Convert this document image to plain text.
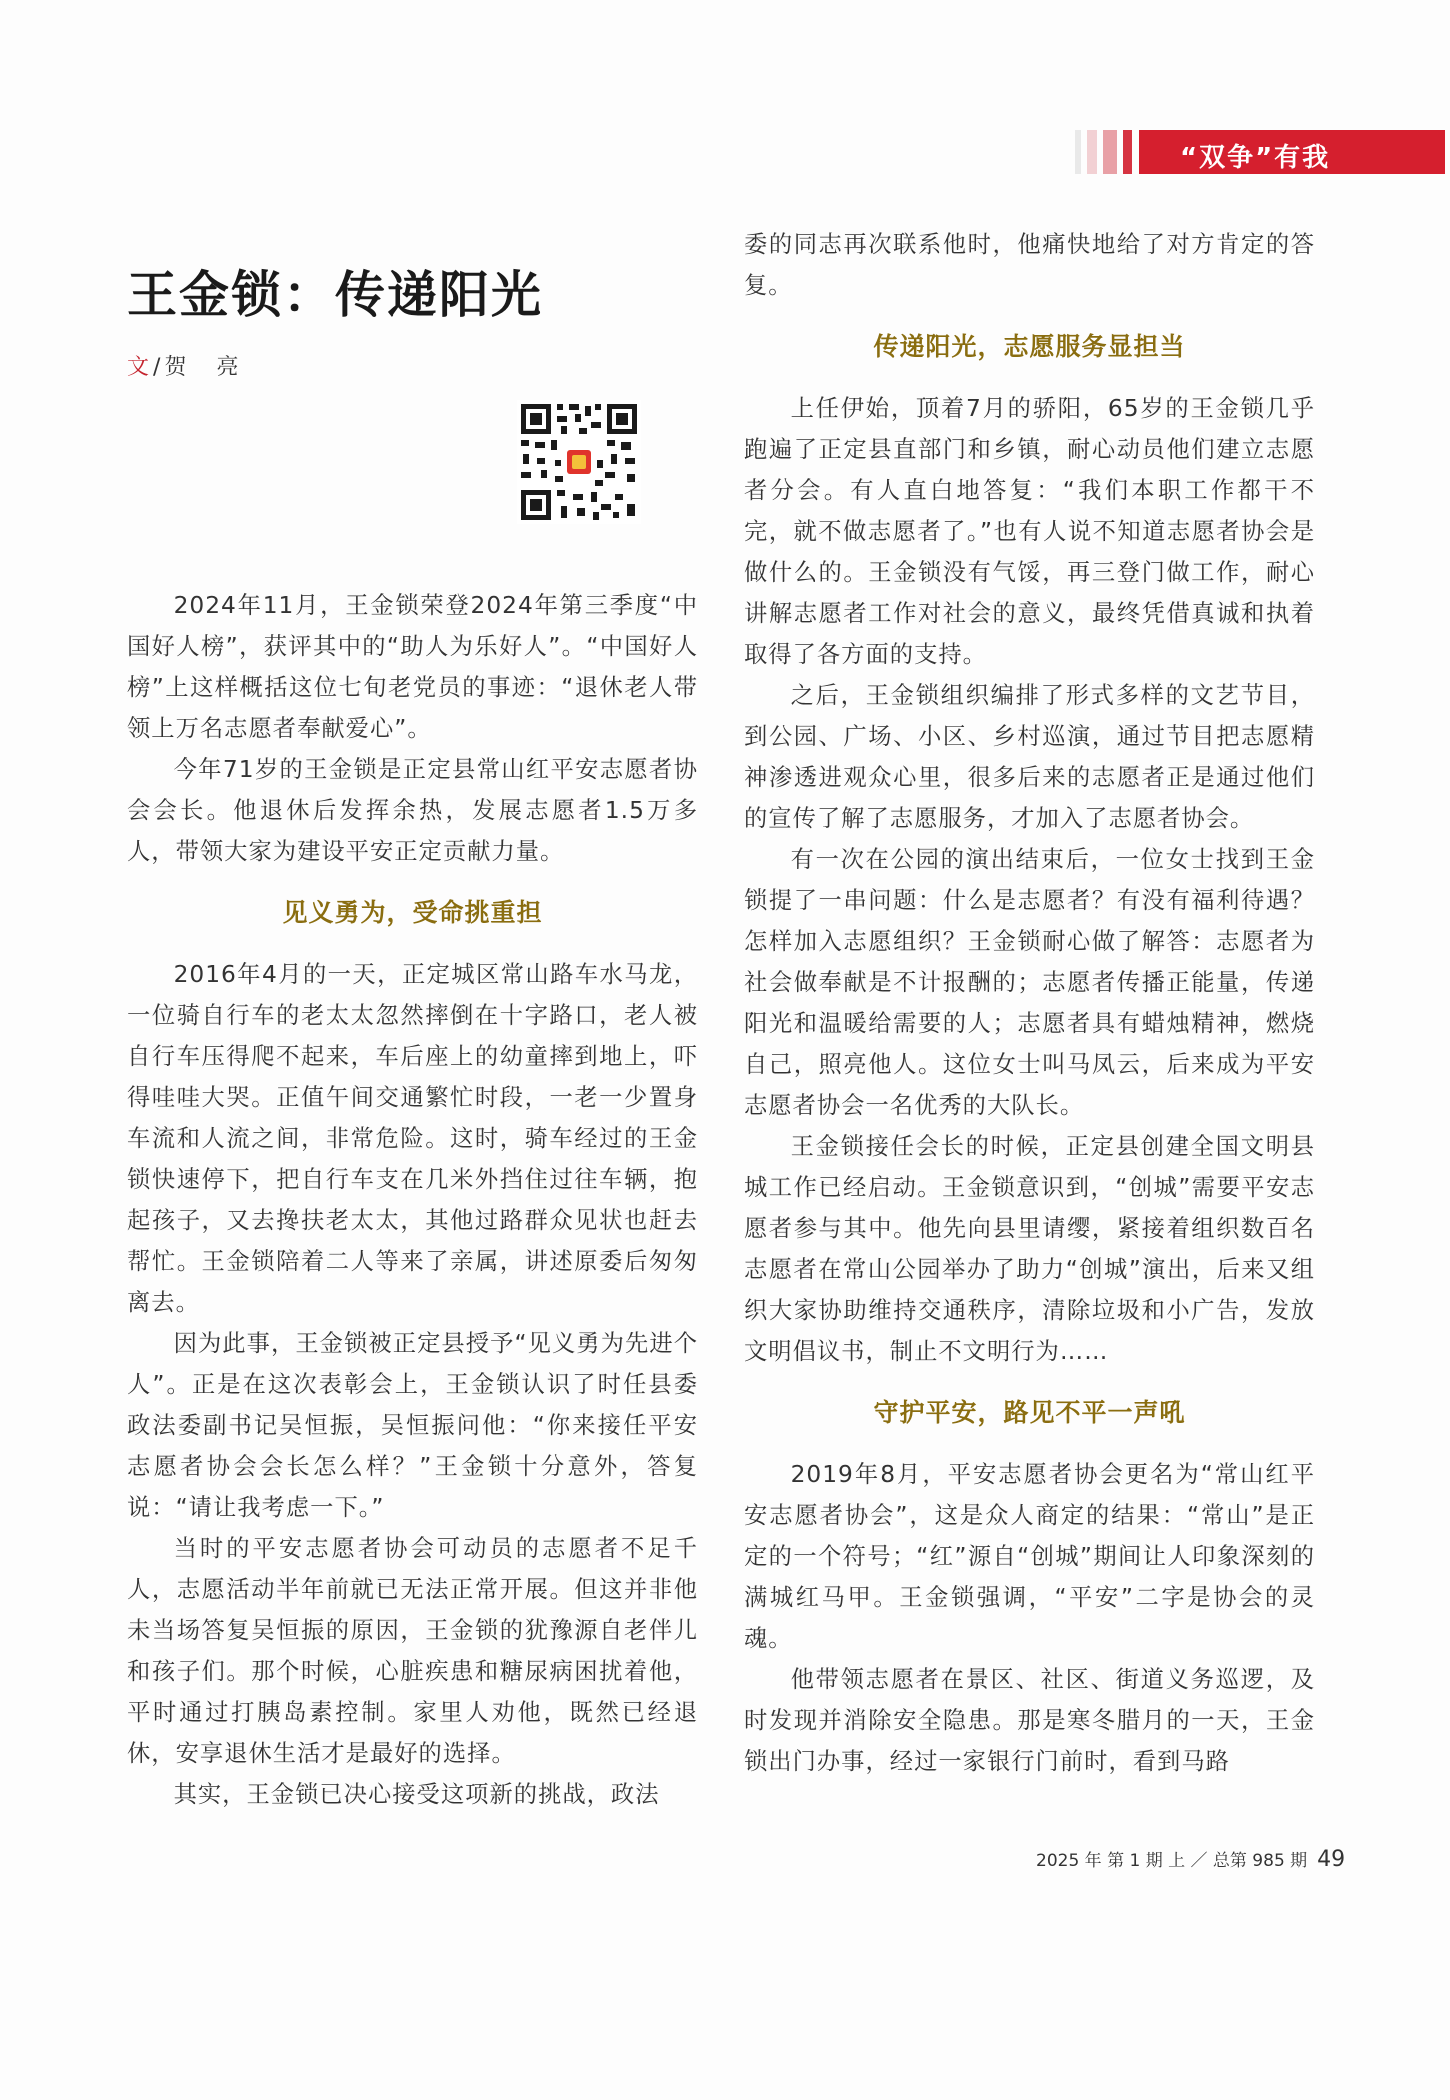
“双争”有我
王金锁：传递阳光
文/贺　亮

2024年11月，王金锁荣登2024年第三季度“中国好人榜”，获评其中的“助人为乐好人”。“中国好人榜”上这样概括这位七旬老党员的事迹：“退休老人带领上万名志愿者奉献爱心”。

今年71岁的王金锁是正定县常山红平安志愿者协会会长。他退休后发挥余热，发展志愿者1.5万多人，带领大家为建设平安正定贡献力量。

见义勇为，受命挑重担

2016年4月的一天，正定城区常山路车水马龙，一位骑自行车的老太太忽然摔倒在十字路口，老人被自行车压得爬不起来，车后座上的幼童摔到地上，吓得哇哇大哭。正值午间交通繁忙时段，一老一少置身车流和人流之间，非常危险。这时，骑车经过的王金锁快速停下，把自行车支在几米外挡住过往车辆，抱起孩子，又去搀扶老太太，其他过路群众见状也赶去帮忙。王金锁陪着二人等来了亲属，讲述原委后匆匆离去。

因为此事，王金锁被正定县授予“见义勇为先进个人”。正是在这次表彰会上，王金锁认识了时任县委政法委副书记吴恒振，吴恒振问他：“你来接任平安志愿者协会会长怎么样？”王金锁十分意外，答复说：“请让我考虑一下。”

当时的平安志愿者协会可动员的志愿者不足千人，志愿活动半年前就已无法正常开展。但这并非他未当场答复吴恒振的原因，王金锁的犹豫源自老伴儿和孩子们。那个时候，心脏疾患和糖尿病困扰着他，平时通过打胰岛素控制。家里人劝他，既然已经退休，安享退休生活才是最好的选择。

其实，王金锁已决心接受这项新的挑战，政法

委的同志再次联系他时，他痛快地给了对方肯定的答复。

传递阳光，志愿服务显担当

上任伊始，顶着7月的骄阳，65岁的王金锁几乎跑遍了正定县直部门和乡镇，耐心动员他们建立志愿者分会。有人直白地答复：“我们本职工作都干不完，就不做志愿者了。”也有人说不知道志愿者协会是做什么的。王金锁没有气馁，再三登门做工作，耐心讲解志愿者工作对社会的意义，最终凭借真诚和执着取得了各方面的支持。

之后，王金锁组织编排了形式多样的文艺节目，到公园、广场、小区、乡村巡演，通过节目把志愿精神渗透进观众心里，很多后来的志愿者正是通过他们的宣传了解了志愿服务，才加入了志愿者协会。

有一次在公园的演出结束后，一位女士找到王金锁提了一串问题：什么是志愿者？有没有福利待遇？怎样加入志愿组织？王金锁耐心做了解答：志愿者为社会做奉献是不计报酬的；志愿者传播正能量，传递阳光和温暖给需要的人；志愿者具有蜡烛精神，燃烧自己，照亮他人。这位女士叫马凤云，后来成为平安志愿者协会一名优秀的大队长。

王金锁接任会长的时候，正定县创建全国文明县城工作已经启动。王金锁意识到，“创城”需要平安志愿者参与其中。他先向县里请缨，紧接着组织数百名志愿者在常山公园举办了助力“创城”演出，后来又组织大家协助维持交通秩序，清除垃圾和小广告，发放文明倡议书，制止不文明行为……

守护平安，路见不平一声吼

2019年8月，平安志愿者协会更名为“常山红平安志愿者协会”，这是众人商定的结果：“常山”是正定的一个符号；“红”源自“创城”期间让人印象深刻的满城红马甲。王金锁强调，“平安”二字是协会的灵魂。

他带领志愿者在景区、社区、街道义务巡逻，及时发现并消除安全隐患。那是寒冬腊月的一天，王金锁出门办事，经过一家银行门前时，看到马路

2025 年 第 1 期 上 ／ 总第 985 期 49
